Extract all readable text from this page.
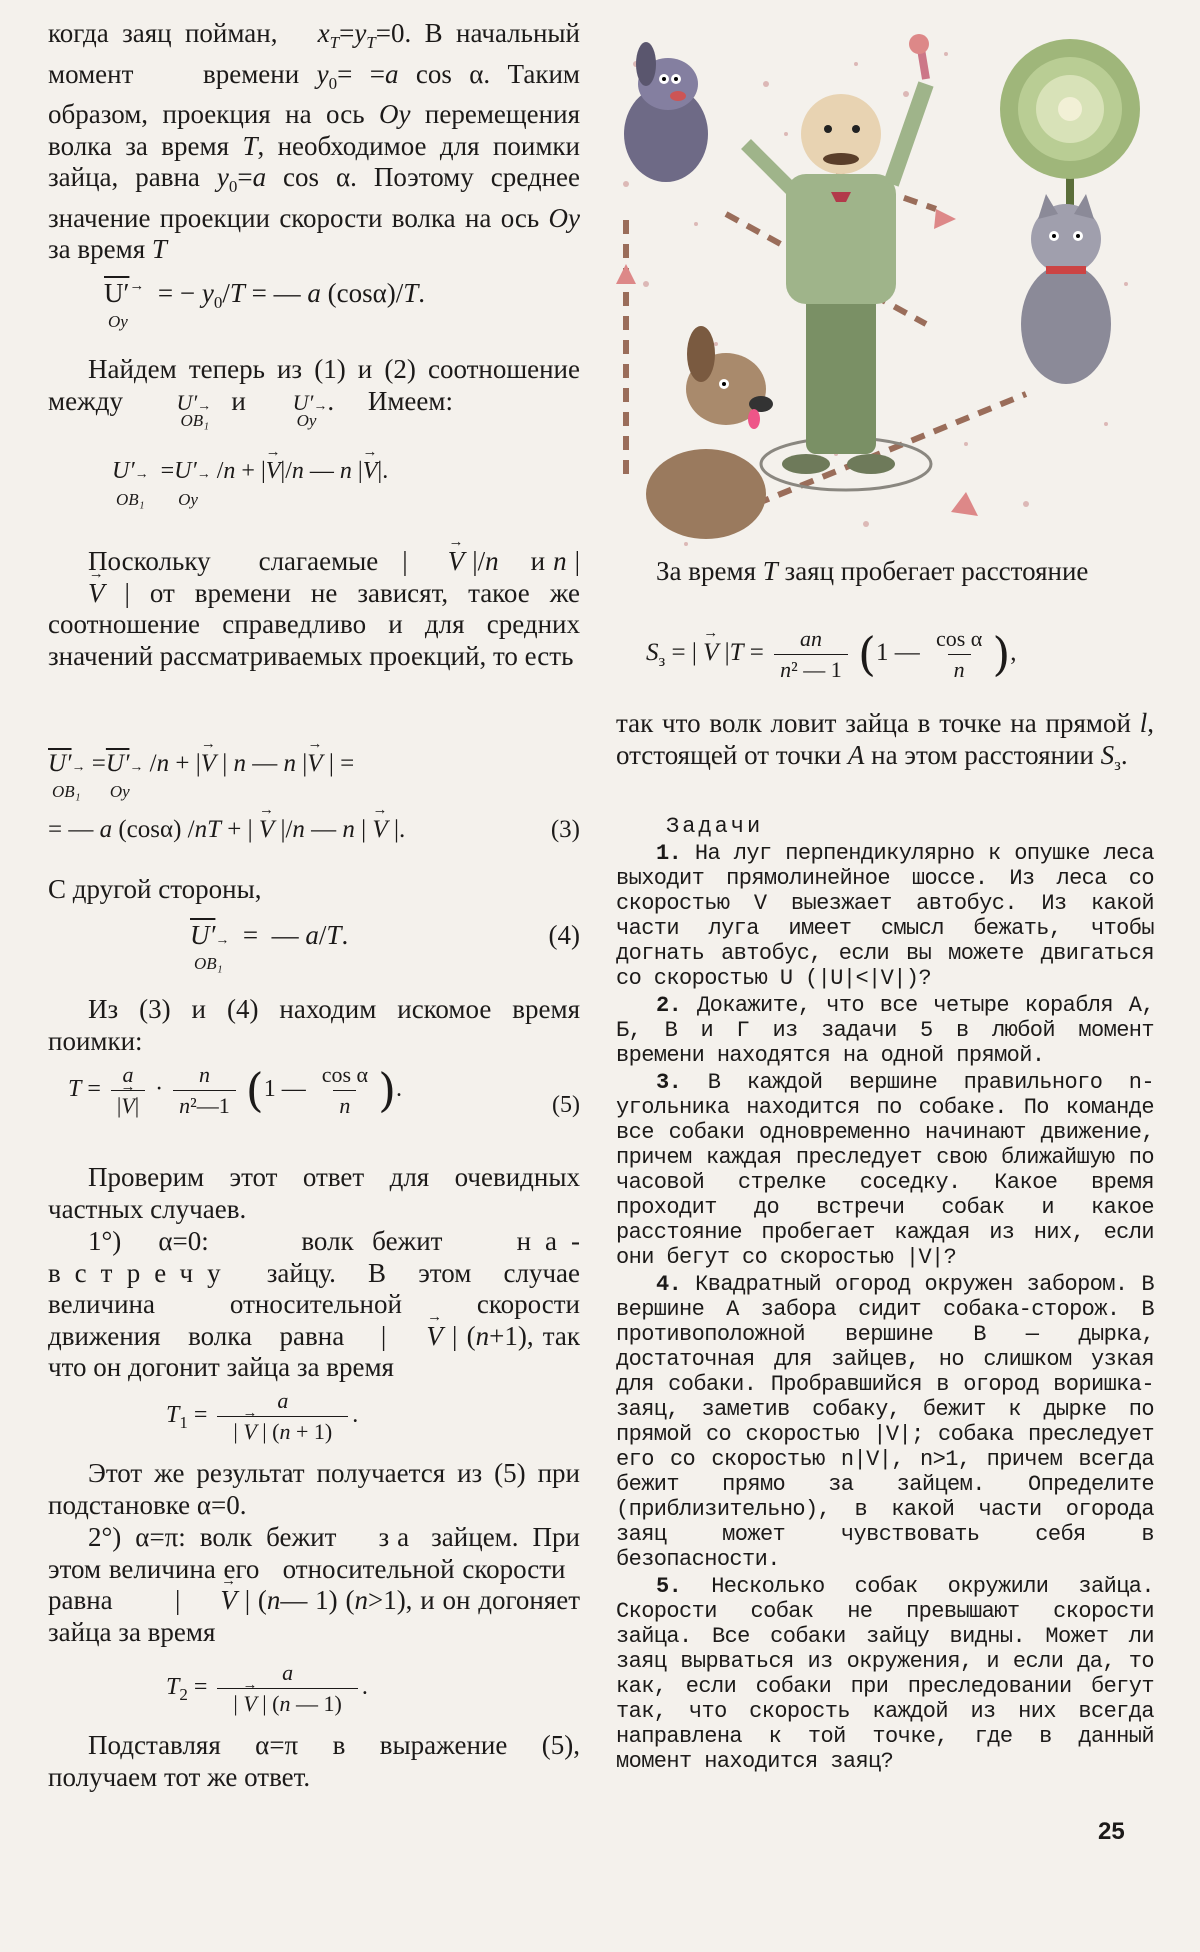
когда заяц пойман,   $x_T=y_T=0$. В начальный момент    времени $y_0= =a$ cos α. Таким образом, проекция на ось Oy перемещения волка за время T, необходимое для поимки зайца, равна $y_0=a$ cos α. Поэтому среднее значение проекции скорости волка на ось Oy за время T

U′→
Oy
= − $y_0/T$ = — a (cosα)/T.

Найдем теперь из (1) и (2) соотношение между  U′→
OB₁
и U′→
Oy
.     Имеем:

U′→
OB₁
=U′→
Oy
/n + |→ V|/n — n |→ V|.

Поскольку      слагаемые   | → V |/n    и n | → V | от времени не зависят, такое же соотношение справедливо и для средних значений рассматриваемых проекций, то есть

U′→
OB₁
=U′→
Oy
/n + |→ V | n — n |→ V | =
= — a (cosα) /nT + | → V |/n — n | → V |.	(3)

С другой стороны,

U′→
OB₁
=  — a/T.	(4)

Из (3) и (4) находим искомое время поимки:

$T = \frac{a}{|\to V|} \cdot \frac{n}{\text{n²—1}} (1$ — $\frac{\text{cos α}}{n}$ ).
(5)

Проверим этот ответ для очевидных частных случаев.

1°)  α=0:     волк бежит    на-встречу зайцу. В этом случае величина    относительной    скорости движения   волка   равна    | → V | (n+1), так что он догонит зайца за время

$T_1 = \frac{a}{| \to V | (n + 1)}$ .

Этот же результат получается из (5) при подстановке α=0.

2°) α=π: волк бежит   за зайцем. При этом величина его   относительной скорости   равна        | → V | (n— 1) (n>1), и он догоняет зайца за время

$T_2 = \frac{a}{| \to V | (n — 1)}$ .

Подставляя α=π в выражение (5), получаем тот же ответ.

За время T заяц пробегает расстояние

$S_з$ = | → V $|T = \frac{an}{\text{n² — 1}} (1$ — $\frac{\text{cos α}}{n}$ ),

так что волк ловит зайца в точке на прямой l, отстоящей от точки A на этом расстоянии $S_з$.

Задачи

1. На луг перпендикулярно к опушке леса выходит прямолинейное шоссе. Из леса со скоростью V выезжает автобус. Из какой части луга имеет смысл бежать, чтобы догнать автобус, если вы можете двигаться со скоростью U (|U|<|V|)?

2. Докажите, что все четыре корабля А, Б, В и Г из задачи 5 в любой момент времени находятся на одной прямой.

3. В каждой вершине правильного n-угольника находится по собаке. По команде все собаки одновременно начинают движение, причем каждая преследует свою ближайшую по часовой стрелке соседку. Какое время проходит до встречи собак и какое расстояние пробегает каждая из них, если они бегут со скоростью |V|?

4. Квадратный огород окружен забором. В вершине А забора сидит собака-сторож. В противоположной вершине В — дырка, достаточная для зайцев, но слишком узкая для собаки. Пробравшийся в огород воришка-заяц, заметив собаку, бежит к дырке по прямой со скоростью |V|; собака преследует его со скоростью n|V|, n>1, причем всегда бежит прямо за зайцем. Определите (приблизительно), в какой части огорода заяц может чувствовать себя в безопасности.

5. Несколько собак окружили зайца. Скорости собак не превышают скорости зайца. Все собаки зайцу видны. Может ли заяц вырваться из окружения, и если да, то как, если собаки при преследовании бегут так, что скорость каждой из них всегда направлена к той точке, где в данный момент находится заяц?

25
